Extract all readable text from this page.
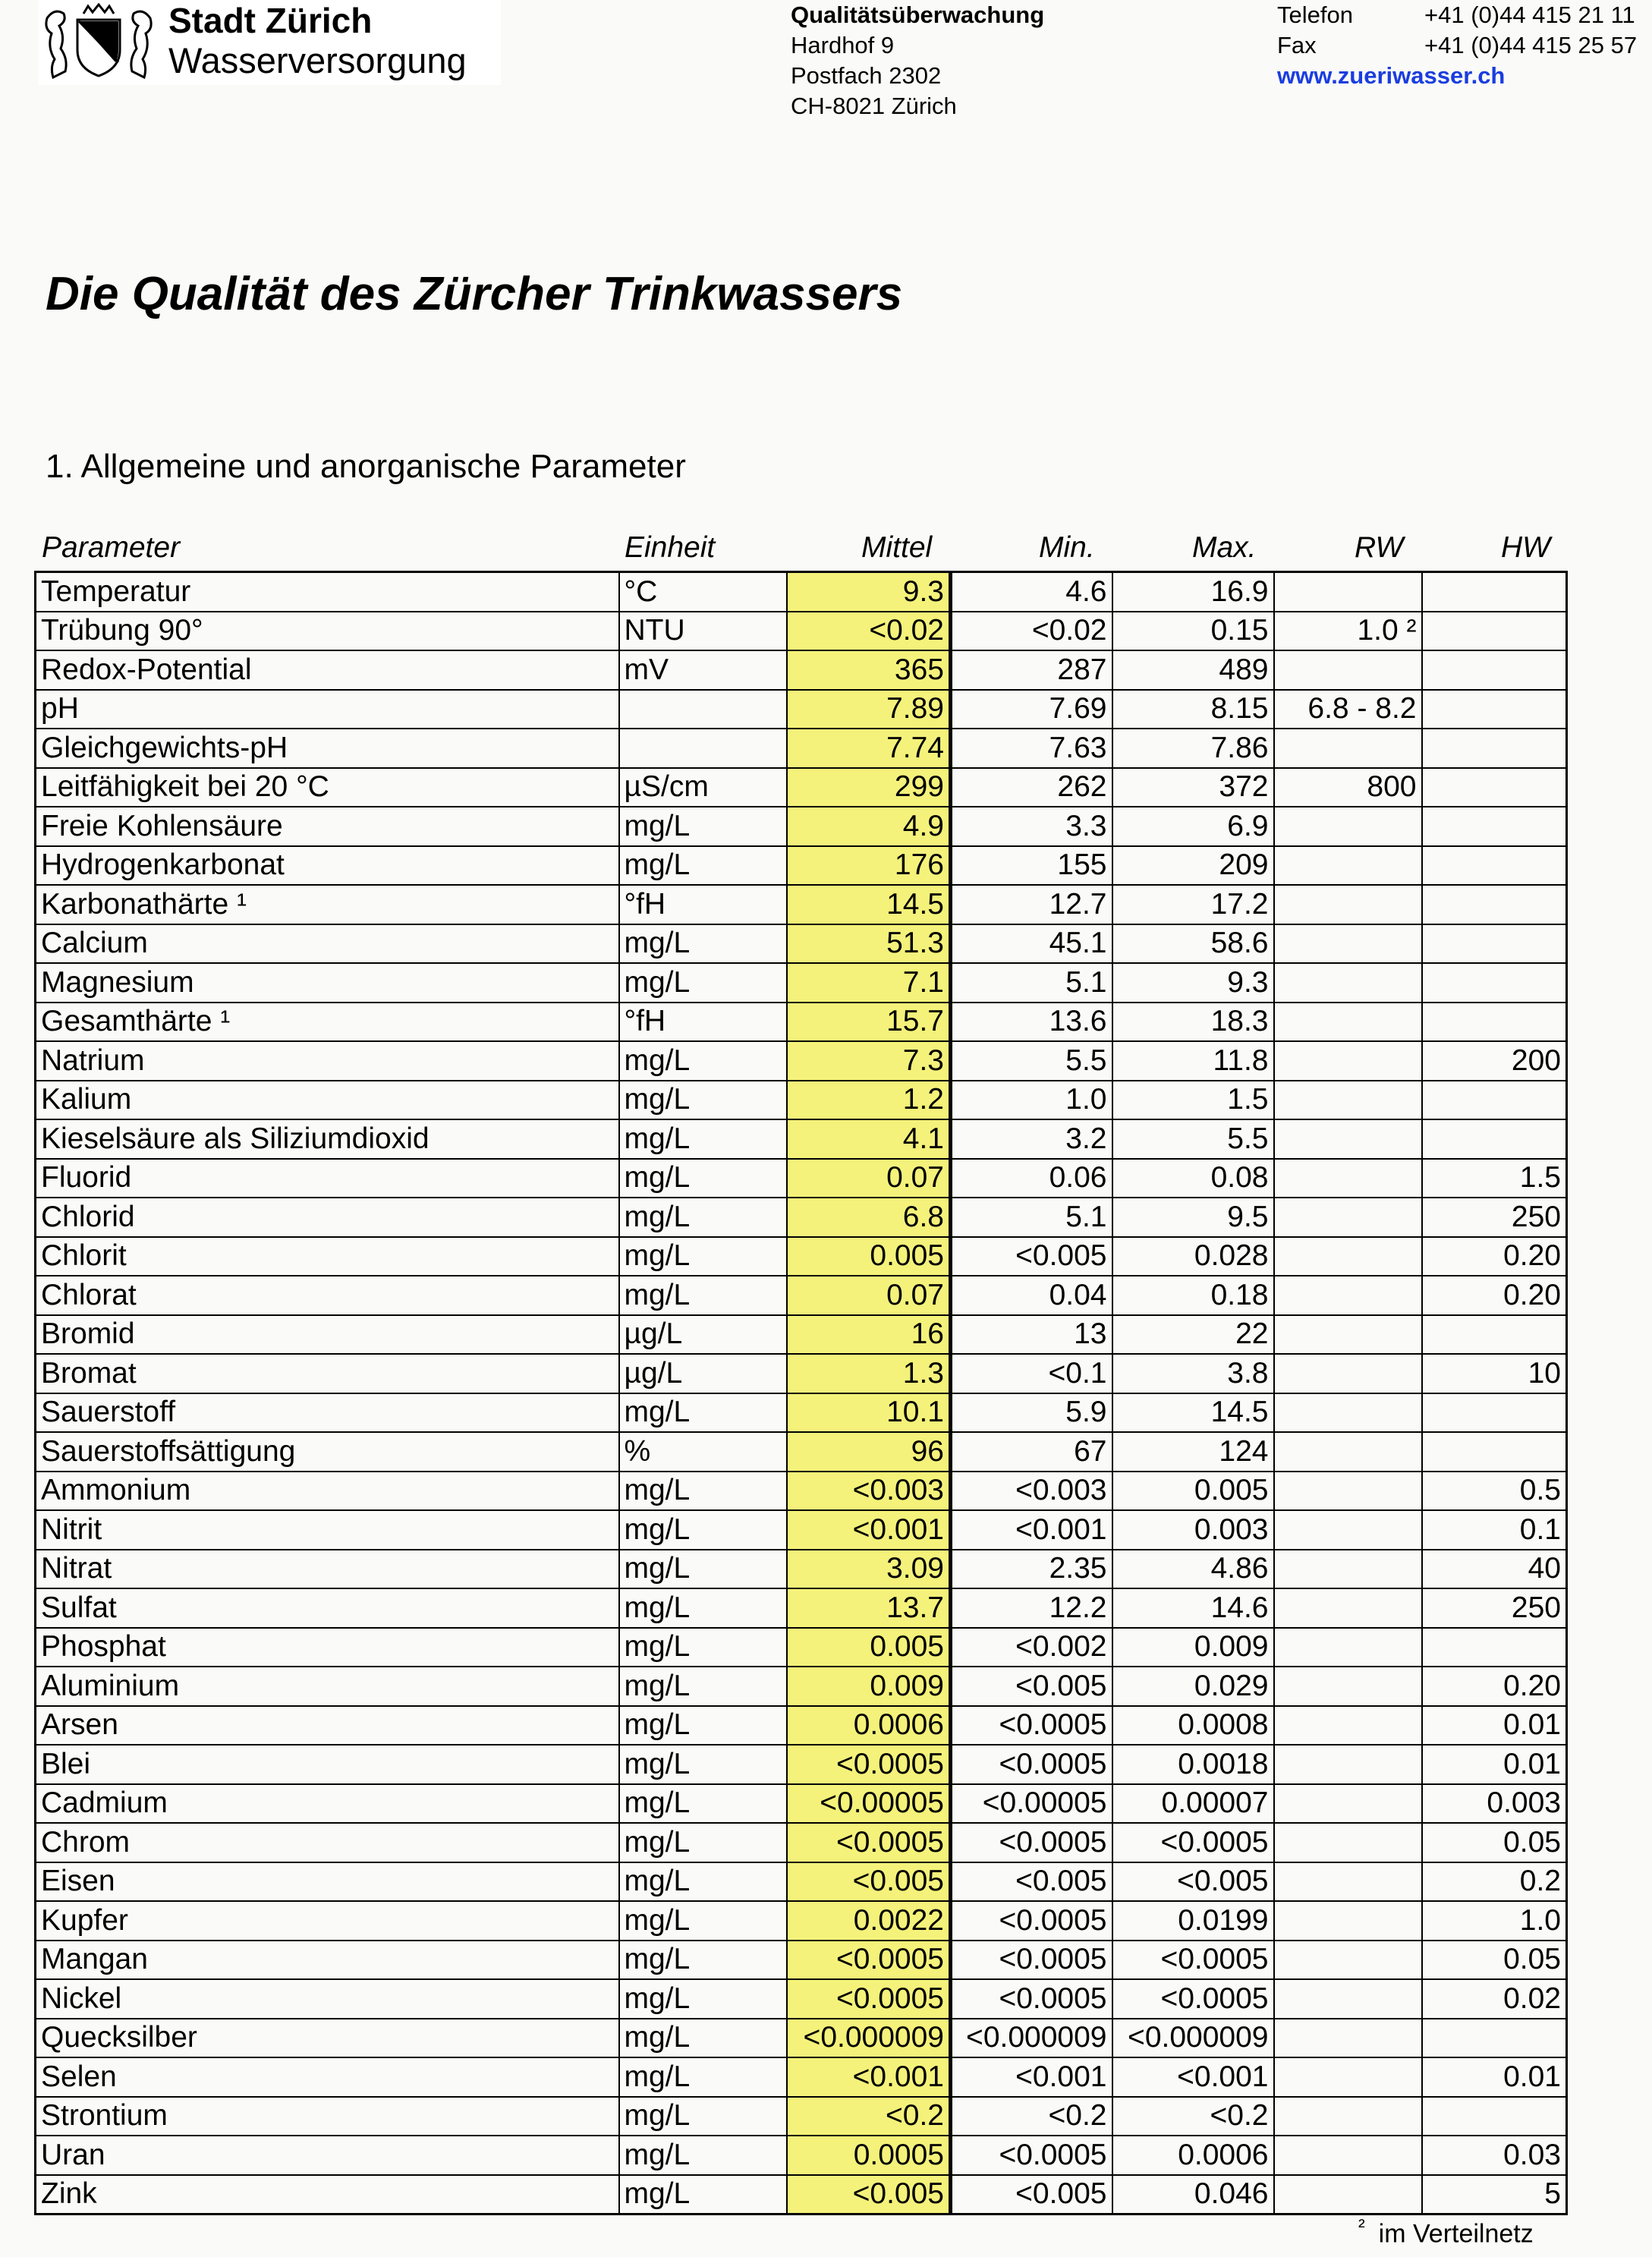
Stadt Zürich
Wasserversorgung
Qualitätsüberwachung
Hardhof 9
Postfach 2302
CH-8021 Zürich
Telefon	+41 (0)44 415 21 11
Fax	+41 (0)44 415 25 57
www.zueriwasser.ch
Die Qualität des Zürcher Trinkwassers
1. Allgemeine und anorganische Parameter
Parameter	Einheit	Mittel	Min.	Max.	RW	HW
Temperatur	°C	9.3	4.6	16.9		
Trübung 90°	NTU	<0.02	<0.02	0.15	1.0 ²	
Redox-Potential	mV	365	287	489		
pH		7.89	7.69	8.15	6.8 - 8.2	
Gleichgewichts-pH		7.74	7.63	7.86		
Leitfähigkeit bei 20 °C	µS/cm	299	262	372	800	
Freie Kohlensäure	mg/L	4.9	3.3	6.9		
Hydrogenkarbonat	mg/L	176	155	209		
Karbonathärte ¹	°fH	14.5	12.7	17.2		
Calcium	mg/L	51.3	45.1	58.6		
Magnesium	mg/L	7.1	5.1	9.3		
Gesamthärte ¹	°fH	15.7	13.6	18.3		
Natrium	mg/L	7.3	5.5	11.8		200
Kalium	mg/L	1.2	1.0	1.5		
Kieselsäure als Siliziumdioxid	mg/L	4.1	3.2	5.5		
Fluorid	mg/L	0.07	0.06	0.08		1.5
Chlorid	mg/L	6.8	5.1	9.5		250
Chlorit	mg/L	0.005	<0.005	0.028		0.20
Chlorat	mg/L	0.07	0.04	0.18		0.20
Bromid	µg/L	16	13	22		
Bromat	µg/L	1.3	<0.1	3.8		10
Sauerstoff	mg/L	10.1	5.9	14.5		
Sauerstoffsättigung	%	96	67	124		
Ammonium	mg/L	<0.003	<0.003	0.005		0.5
Nitrit	mg/L	<0.001	<0.001	0.003		0.1
Nitrat	mg/L	3.09	2.35	4.86		40
Sulfat	mg/L	13.7	12.2	14.6		250
Phosphat	mg/L	0.005	<0.002	0.009		
Aluminium	mg/L	0.009	<0.005	0.029		0.20
Arsen	mg/L	0.0006	<0.0005	0.0008		0.01
Blei	mg/L	<0.0005	<0.0005	0.0018		0.01
Cadmium	mg/L	<0.00005	<0.00005	0.00007		0.003
Chrom	mg/L	<0.0005	<0.0005	<0.0005		0.05
Eisen	mg/L	<0.005	<0.005	<0.005		0.2
Kupfer	mg/L	0.0022	<0.0005	0.0199		1.0
Mangan	mg/L	<0.0005	<0.0005	<0.0005		0.05
Nickel	mg/L	<0.0005	<0.0005	<0.0005		0.02
Quecksilber	mg/L	<0.000009	<0.000009	<0.000009		
Selen	mg/L	<0.001	<0.001	<0.001		0.01
Strontium	mg/L	<0.2	<0.2	<0.2		
Uran	mg/L	0.0005	<0.0005	0.0006		0.03
Zink	mg/L	<0.005	<0.005	0.046		5
$^{^2}$ im Verteilnetz
